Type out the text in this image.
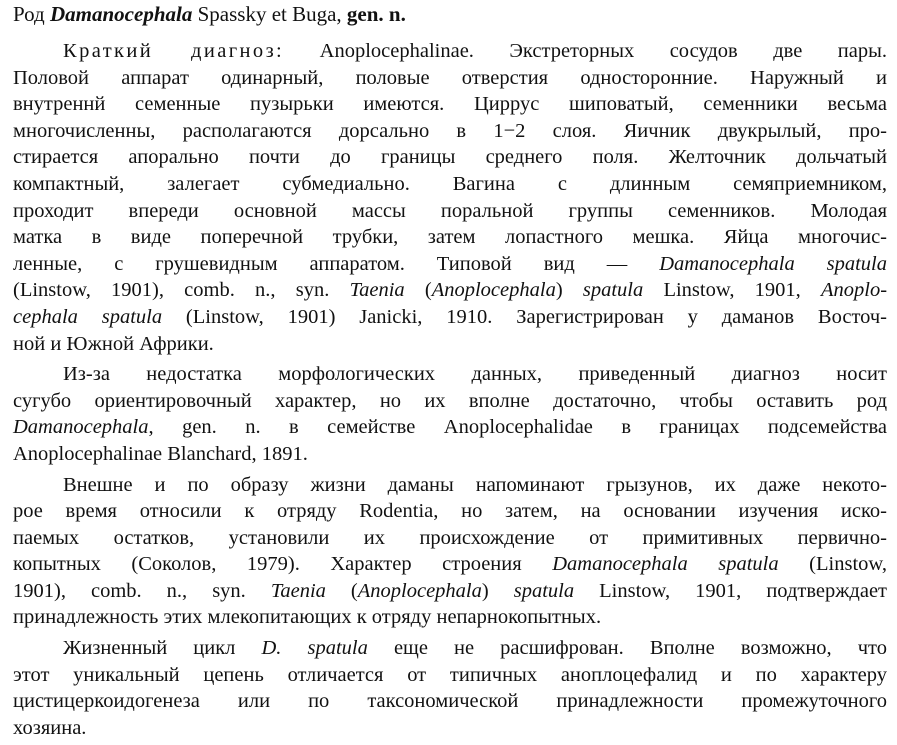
Род Damanocephala Spassky et Buga, gen. n.
Краткий диагноз: Anoplocephalinae. Экстреторных сосудов две пары.
Половой аппарат одинарный, половые отверстия односторонние. Наружный и
внутреннй семенные пузырьки имеются. Циррус шиповатый, семенники весьма
многочисленны, располагаются дорсально в 1−2 слоя. Яичник двукрылый, про-
стирается апорально почти до границы среднего поля. Желточник дольчатый
компактный, залегает субмедиально. Вагина с длинным семяприемником,
проходит впереди основной массы поральной группы семенников. Молодая
матка в виде поперечной трубки, затем лопастного мешка. Яйца многочис-
ленные, с грушевидным аппаратом. Типовой вид — Damanocephala spatula
(Linstow, 1901), comb. n., syn. Taenia (Anoplocephala) spatula Linstow, 1901, Anoplo-
cephala spatula (Linstow, 1901) Janicki, 1910. Зарегистрирован у даманов Восточ-
ной и Южной Африки.
Из-за недостатка морфологических данных, приведенный диагноз носит
сугубо ориентировочный характер, но их вполне достаточно, чтобы оставить род
Damanocephala, gen. n. в семействе Anoplocephalidae в границах подсемейства
Anoplocephalinae Blanchard, 1891.
Внешне и по образу жизни даманы напоминают грызунов, их даже некото-
рое время относили к отряду Rodentia, но затем, на основании изучения иско-
паемых остатков, установили их происхождение от примитивных первично-
копытных (Соколов, 1979). Характер строения Damanocephala spatula (Linstow,
1901), comb. n., syn. Taenia (Anoplocephala) spatula Linstow, 1901, подтверждает
принадлежность этих млекопитающих к отряду непарнокопытных.
Жизненный цикл D. spatula еще не расшифрован. Вполне возможно, что
этот уникальный цепень отличается от типичных аноплоцефалид и по характеру
цистицеркоидогенеза или по таксономической принадлежности промежуточного
хозяина.
